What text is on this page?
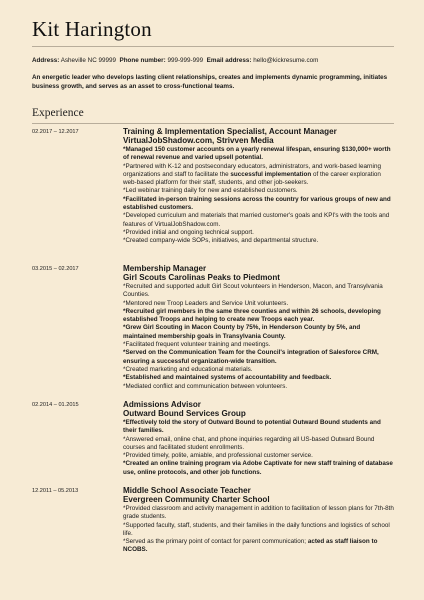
Kit Harington
Address: Asheville NC 99999 Phone number: 999-999-999 Email address: hello@kickresume.com
An energetic leader who develops lasting client relationships, creates and implements dynamic programming, initiates business growth, and serves as an asset to cross-functional teams.
Experience
02.2017 – 12.2017	Training & Implementation Specialist, Account Manager
VirtualJobShadow.com, Strivven Media
*Managed 150 customer accounts on a yearly renewal lifespan, ensuring $130,000+ worth of renewal revenue and varied upsell potential.
*Partnered with K-12 and postsecondary educators, administrators, and work-based learning organizations and staff to facilitate the successful implementation of the career exploration web-based platform for their staff, students, and other job-seekers.
*Led webinar training daily for new and established customers.
*Facilitated in-person training sessions across the country for various groups of new and established customers.
*Developed curriculum and materials that married customer's goals and KPI's with the tools and features of VirtualJobShadow.com.
*Provided initial and ongoing technical support.
*Created company-wide SOPs, initiatives, and departmental structure.
03.2015 – 02.2017	Membership Manager
Girl Scouts Carolinas Peaks to Piedmont
*Recruited and supported adult Girl Scout volunteers in Henderson, Macon, and Transylvania Counties.
*Mentored new Troop Leaders and Service Unit volunteers.
*Recruited girl members in the same three counties and within 26 schools, developing established Troops and helping to create new Troops each year.
*Grew Girl Scouting in Macon County by 75%, in Henderson County by 5%, and maintained membership goals in Transylvania County.
*Facilitated frequent volunteer training and meetings.
*Served on the Communication Team for the Council's integration of Salesforce CRM, ensuring a successful organization-wide transition.
*Created marketing and educational materials.
*Established and maintained systems of accountability and feedback.
*Mediated conflict and communication between volunteers.
02.2014 – 01.2015	Admissions Advisor
Outward Bound Services Group
*Effectively told the story of Outward Bound to potential Outward Bound students and their families.
*Answered email, online chat, and phone inquiries regarding all US-based Outward Bound courses and facilitated student enrollments.
*Provided timely, polite, amiable, and professional customer service.
*Created an online training program via Adobe Captivate for new staff training of database use, online protocols, and other job functions.
12.2011 – 05.2013	Middle School Associate Teacher
Evergreen Community Charter School
*Provided classroom and activity management in addition to facilitation of lesson plans for 7th-8th grade students.
*Supported faculty, staff, students, and their families in the daily functions and logistics of school life.
*Served as the primary point of contact for parent communication; acted as staff liaison to NCOBS.
